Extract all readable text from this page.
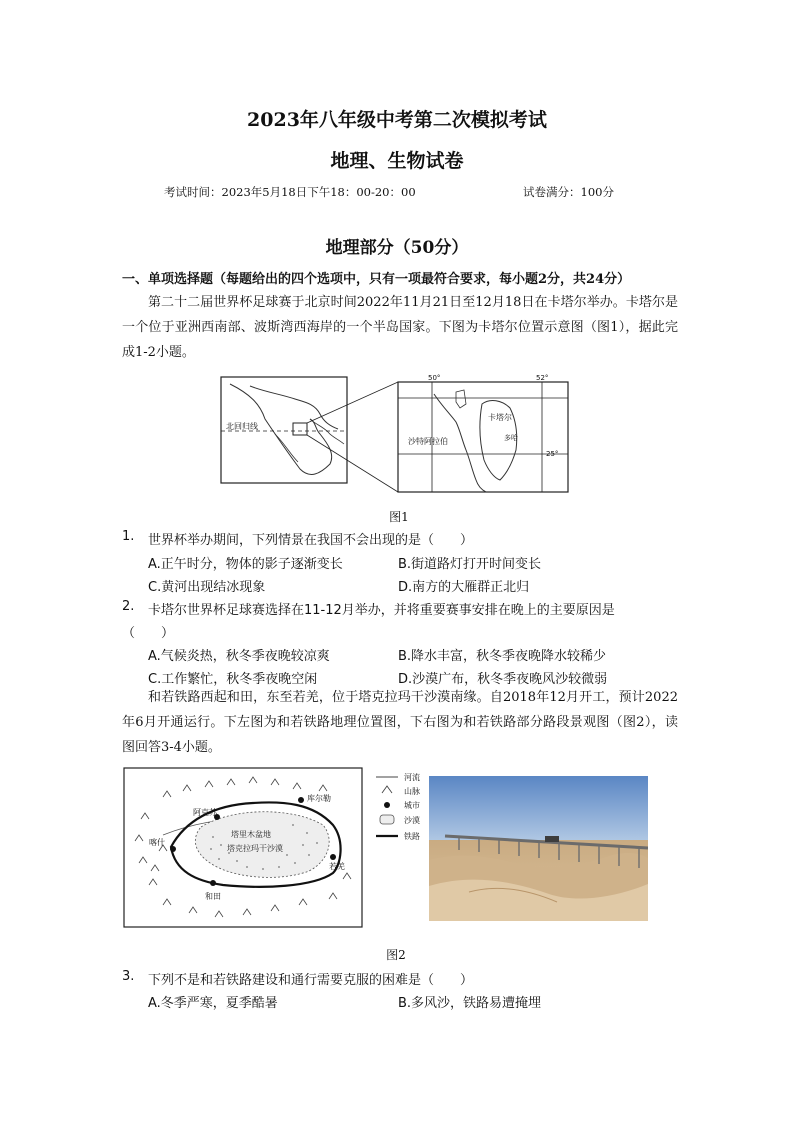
2023年八年级中考第二次模拟考试
地理、生物试卷
考试时间：2023年5月18日下午18：00-20：00	试卷满分：100分
地理部分（50分）
一、单项选择题（每题给出的四个选项中，只有一项最符合要求，每小题2分，共24分）

第二十二届世界杯足球赛于北京时间2022年11月21日至12月18日在卡塔尔举办。卡塔尔是一个位于亚洲西南部、波斯湾西海岸的一个半岛国家。下图为卡塔尔位置示意图（图1），据此完成1-2小题。

北回归线
50°	52°
25°
沙特阿拉伯
卡塔尔
多哈
图1
1. 世界杯举办期间，下列情景在我国不会出现的是（　　）
A.正午时分，物体的影子逐渐变长	B.街道路灯打开时间变长
C.黄河出现结冰现象	D.南方的大雁群正北归
2. 卡塔尔世界杯足球赛选择在11-12月举办，并将重要赛事安排在晚上的主要原因是
（　　）
A.气候炎热，秋冬季夜晚较凉爽	B.降水丰富，秋冬季夜晚降水较稀少
C.工作繁忙，秋冬季夜晚空闲	D.沙漠广布，秋冬季夜晚风沙较微弱

和若铁路西起和田，东至若羌，位于塔克拉玛干沙漠南缘。自2018年12月开工，预计2022年6月开通运行。下左图为和若铁路地理位置图，下右图为和若铁路部分路段景观图（图2），读图回答3-4小题。

塔里木盆地
塔克拉玛干沙漠
库尔勒
阿克苏
喀什
和田
若羌
河流
山脉
城市
沙漠
铁路
图2
3. 下列不是和若铁路建设和通行需要克服的困难是（　　）
A.冬季严寒，夏季酷暑	B.多风沙，铁路易遭掩埋
